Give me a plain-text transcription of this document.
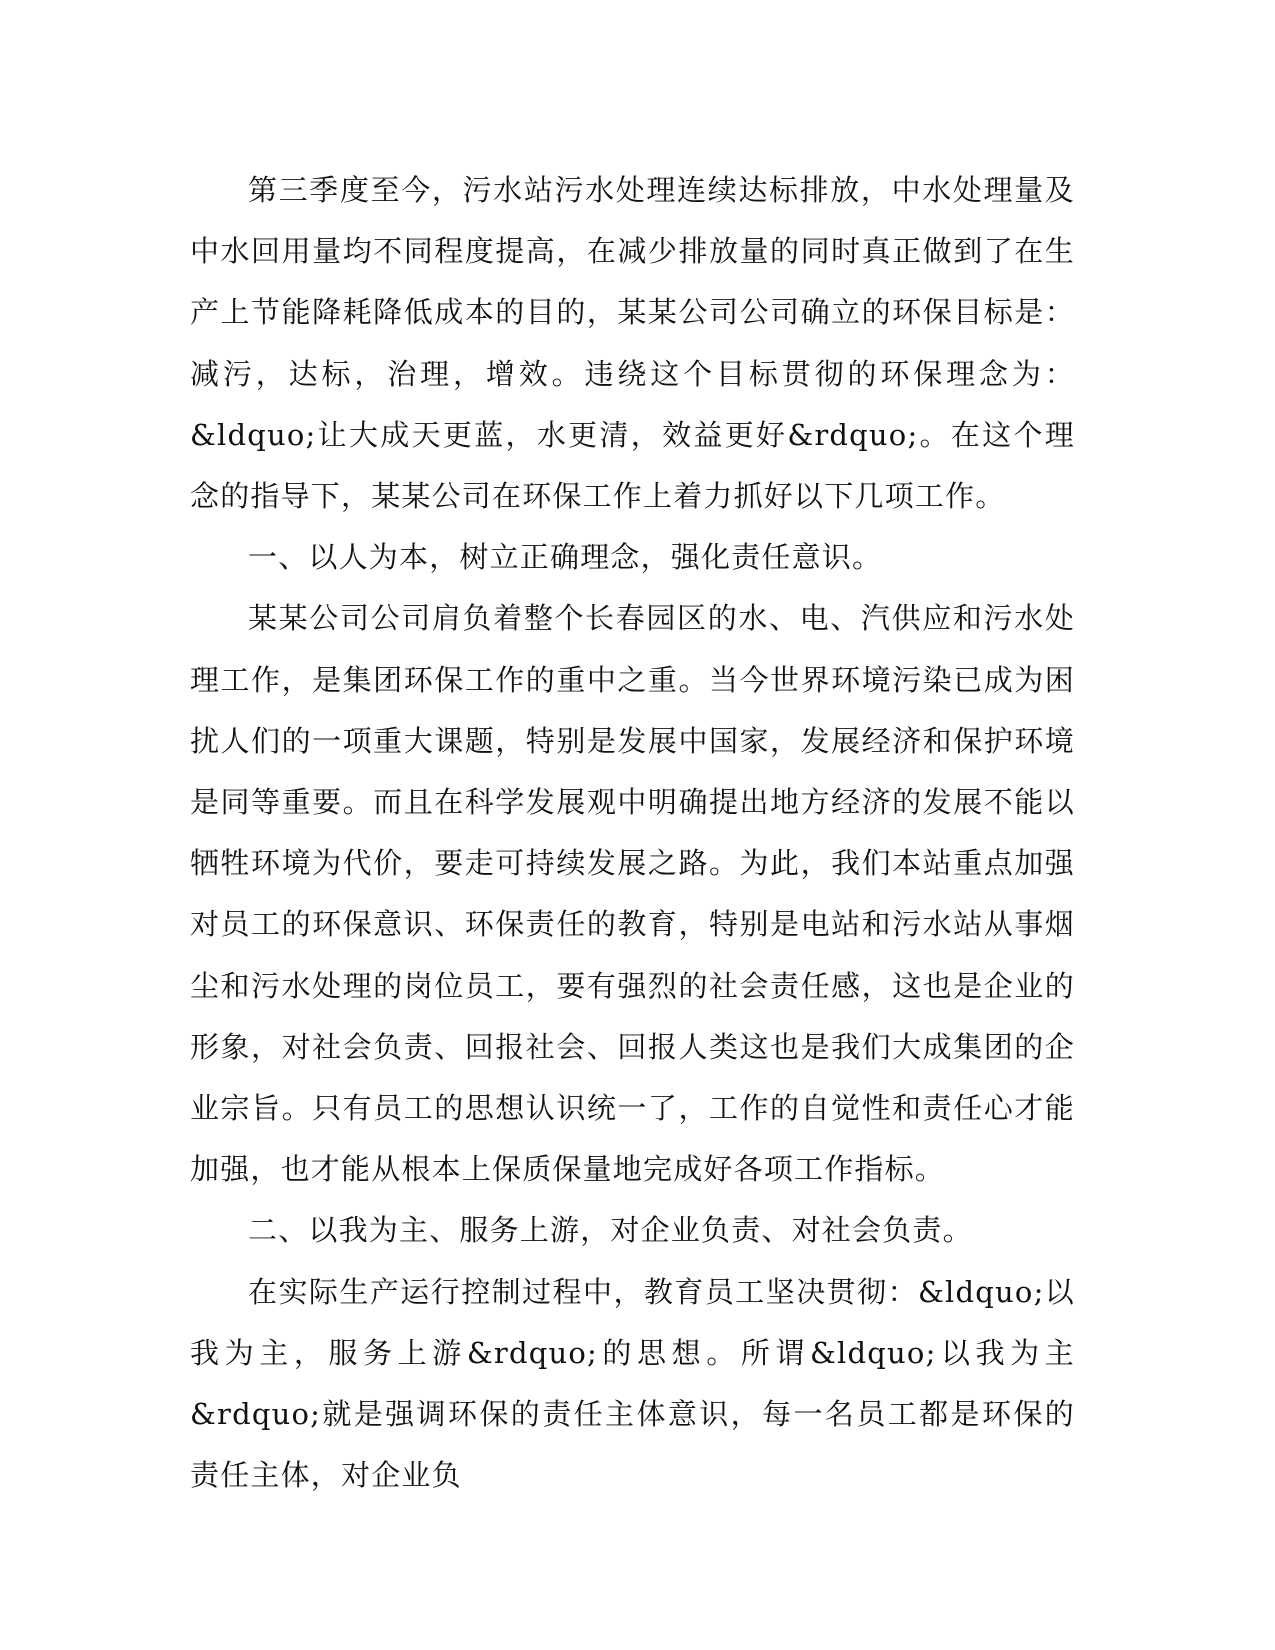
第三季度至今，污水站污水处理连续达标排放，中水处理量及中水回用量均不同程度提高，在减少排放量的同时真正做到了在生产上节能降耗降低成本的目的，某某公司公司确立的环保目标是：减污，达标，治理，增效。违绕这个目标贯彻的环保理念为：&ldquo;让大成天更蓝，水更清，效益更好&rdquo;。在这个理念的指导下，某某公司在环保工作上着力抓好以下几项工作。

一、以人为本，树立正确理念，强化责任意识。

某某公司公司肩负着整个长春园区的水、电、汽供应和污水处理工作，是集团环保工作的重中之重。当今世界环境污染已成为困扰人们的一项重大课题，特别是发展中国家，发展经济和保护环境是同等重要。而且在科学发展观中明确提出地方经济的发展不能以牺牲环境为代价，要走可持续发展之路。为此，我们本站重点加强对员工的环保意识、环保责任的教育，特别是电站和污水站从事烟尘和污水处理的岗位员工，要有强烈的社会责任感，这也是企业的形象，对社会负责、回报社会、回报人类这也是我们大成集团的企业宗旨。只有员工的思想认识统一了，工作的自觉性和责任心才能加强，也才能从根本上保质保量地完成好各项工作指标。

二、以我为主、服务上游，对企业负责、对社会负责。

在实际生产运行控制过程中，教育员工坚决贯彻：&ldquo;以我为主，服务上游&rdquo;的思想。所谓&ldquo;以我为主&rdquo;就是强调环保的责任主体意识，每一名员工都是环保的责任主体，对企业负
